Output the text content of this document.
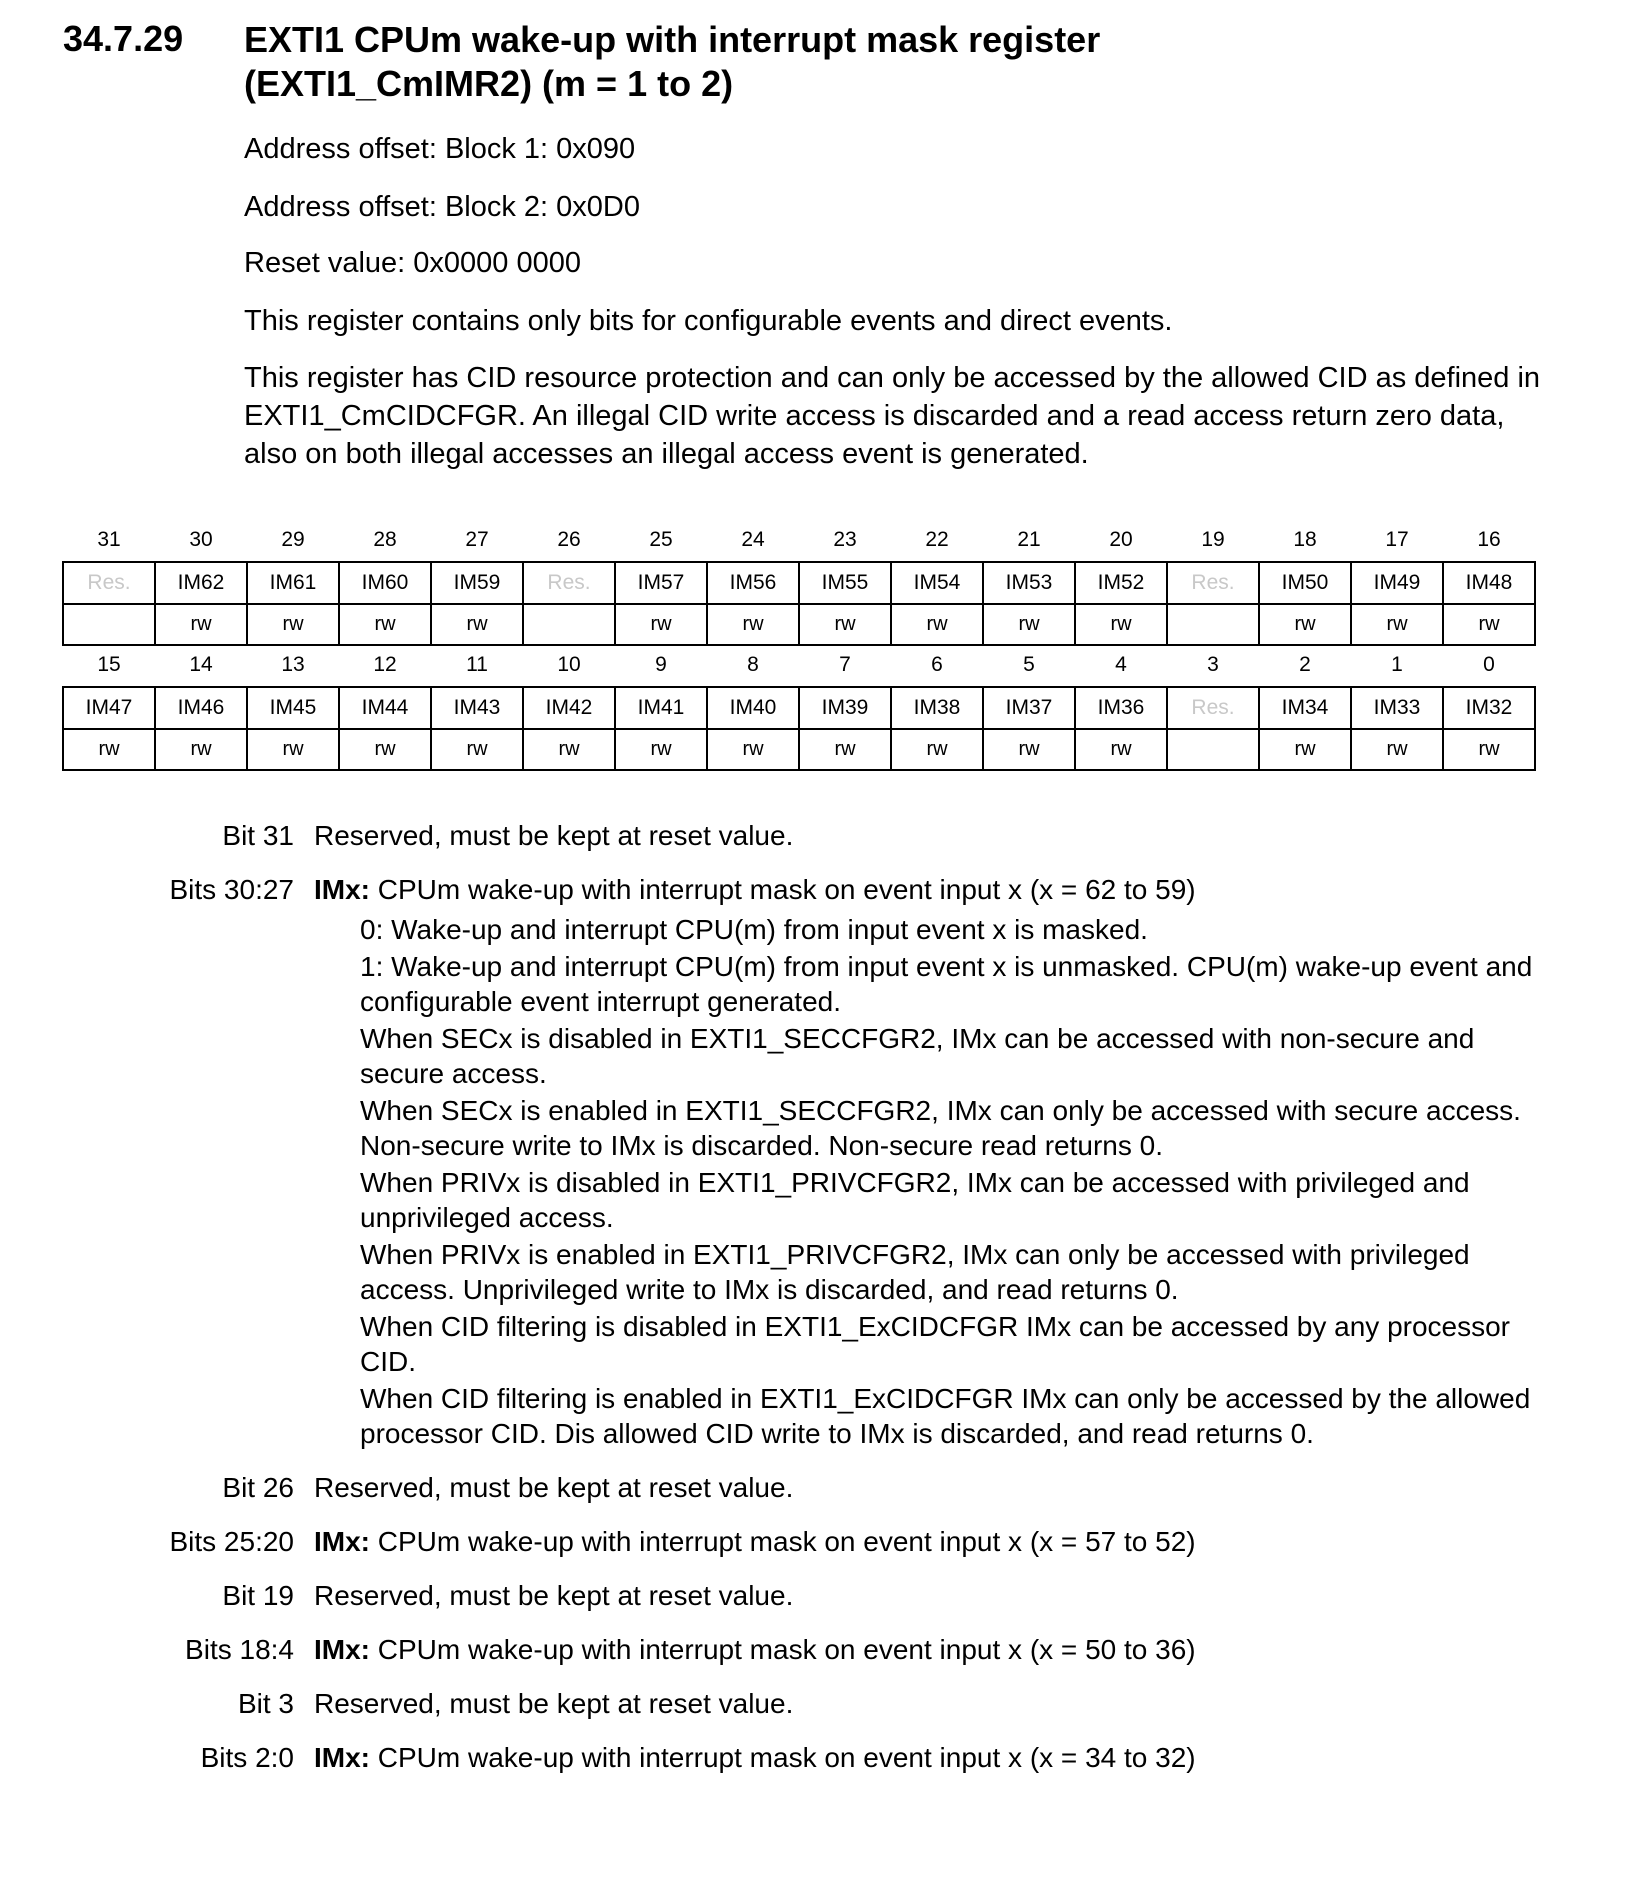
34.7.29 EXTI1 CPUm wake-up with interrupt mask register
(EXTI1_CmIMR2) (m = 1 to 2)
Address offset: Block 1: 0x090
Address offset: Block 2: 0x0D0
Reset value: 0x0000 0000
This register contains only bits for configurable events and direct events.
This register has CID resource protection and can only be accessed by the allowed CID as defined in EXTI1_CmCIDCFGR. An illegal CID write access is discarded and a read access return zero data, also on both illegal accesses an illegal access event is generated.
31	30	29	28	27	26	25	24	23	22	21	20	19	18	17	16
Res.	IM62	IM61	IM60	IM59	Res.	IM57	IM56	IM55	IM54	IM53	IM52	Res.	IM50	IM49	IM48
	rw	rw	rw	rw		rw	rw	rw	rw	rw	rw		rw	rw	rw
15	14	13	12	11	10	9	8	7	6	5	4	3	2	1	0
IM47	IM46	IM45	IM44	IM43	IM42	IM41	IM40	IM39	IM38	IM37	IM36	Res.	IM34	IM33	IM32
rw	rw	rw	rw	rw	rw	rw	rw	rw	rw	rw	rw		rw	rw	rw
Bit 31 Reserved, must be kept at reset value.
Bits 30:27 IMx: CPUm wake-up with interrupt mask on event input x (x = 62 to 59)
0: Wake-up and interrupt CPU(m) from input event x is masked.
1: Wake-up and interrupt CPU(m) from input event x is unmasked. CPU(m) wake-up event and configurable event interrupt generated.
When SECx is disabled in EXTI1_SECCFGR2, IMx can be accessed with non-secure and secure access.
When SECx is enabled in EXTI1_SECCFGR2, IMx can only be accessed with secure access. Non-secure write to IMx is discarded. Non-secure read returns 0.
When PRIVx is disabled in EXTI1_PRIVCFGR2, IMx can be accessed with privileged and unprivileged access.
When PRIVx is enabled in EXTI1_PRIVCFGR2, IMx can only be accessed with privileged access. Unprivileged write to IMx is discarded, and read returns 0.
When CID filtering is disabled in EXTI1_ExCIDCFGR IMx can be accessed by any processor CID.
When CID filtering is enabled in EXTI1_ExCIDCFGR IMx can only be accessed by the allowed processor CID. Dis allowed CID write to IMx is discarded, and read returns 0.
Bit 26 Reserved, must be kept at reset value.
Bits 25:20 IMx: CPUm wake-up with interrupt mask on event input x (x = 57 to 52)
Bit 19 Reserved, must be kept at reset value.
Bits 18:4 IMx: CPUm wake-up with interrupt mask on event input x (x = 50 to 36)
Bit 3 Reserved, must be kept at reset value.
Bits 2:0 IMx: CPUm wake-up with interrupt mask on event input x (x = 34 to 32)
